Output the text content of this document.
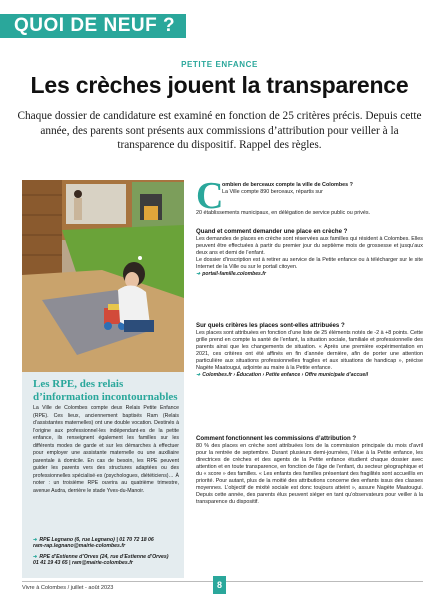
QUOI DE NEUF ?
PETITE ENFANCE
Les crèches jouent la transparence
Chaque dossier de candidature est examiné en fonction de 25 critères précis. Depuis cette année, des parents sont présents aux commissions d’attribution pour veiller à la transparence du dispositif. Rappel des règles.
Les RPE, des relais d’information incontournables
La Ville de Colombes compte deux Relais Petite Enfance (RPE). Ces lieux, anciennement baptisés Ram (Relais d’assistantes maternelles) ont une double vocation. Destinés à l’origine aux professionnel·les indépendant·es de la petite enfance, ils renseignent également les familles sur les différents modes de garde et sur les démarches à effectuer pour employer une assistante maternelle ou une auxiliaire parentale à domicile. En cas de besoin, les RPE peuvent guider les parents vers des structures adaptées ou des professionnelles spécialisé·es (psychologues, diététiciens)… À noter : un troisième RPE ouvrira au quatrième trimestre, avenue Audra, derrière le stade Yves-du-Manoir.
➜ RPE Legnano (6, rue Legnano) | 01 70 72 18 06
ram-rap.legnano@mairie-colombes.fr
➜ RPE d’Estienne d’Orves (24, rue d’Estienne d’Orves)
01 41 19 43 65 | ram@mairie-colombes.fr
C
ombien de berceaux compte la ville de Colombes ?
La Ville compte 890 berceaux, répartis sur
20 établissements municipaux, en délégation de service public ou privés.
Quand et comment demander une place en crèche ?
Les demandes de places en crèche sont réservées aux familles qui résident à Colombes. Elles peuvent être effectuées à partir du premier jour du septième mois de grossesse et jusqu’aux deux ans et demi de l’enfant.
Le dossier d’inscription est à retirer au service de la Petite enfance ou à télécharger sur le site Internet de la Ville ou sur le portail citoyen.
➜ portail-famille.colombes.fr
Sur quels critères les places sont-elles attribuées ?
Les places sont attribuées en fonction d’une liste de 25 éléments notés de -2 à +8 points. Cette grille prend en compte la santé de l’enfant, la situation sociale, familiale et professionnelle des parents ainsi que les changements de situation. « Après une première expérimentation en 2021, ces critères ont été affinés en fin d’année dernière, afin de porter une attention particulière aux situations professionnelles fragiles et aux situations de handicap », précise Nagète Maatougui, adjointe au maire à la Petite enfance.
➜ Colombes.fr › Éducation › Petite enfance › Offre municipale d’accueil
Comment fonctionnent les commissions d’attribution ?
80 % des places en crèche sont attribuées lors de la commission principale du mois d’avril pour la rentrée de septembre. Durant plusieurs demi-journées, l’élue à la Petite enfance, les directrices de crèches et des agents de la Petite enfance étudient chaque dossier avec attention et en toute transparence, en fonction de l’âge de l’enfant, du secteur géographique et du « score » des familles. « Les enfants des familles présentant des fragilités sont accueillis en priorité. Pour autant, plus de la moitié des attributions concerne des enfants issus des classes moyennes. L’objectif de mixité sociale est donc toujours atteint », assure Nagète Maatougui. Depuis cette année, des parents élus peuvent siéger en tant qu’observateurs pour veiller à la transparence du dispositif.
Vivre à Colombes / juillet - août 2023	8
